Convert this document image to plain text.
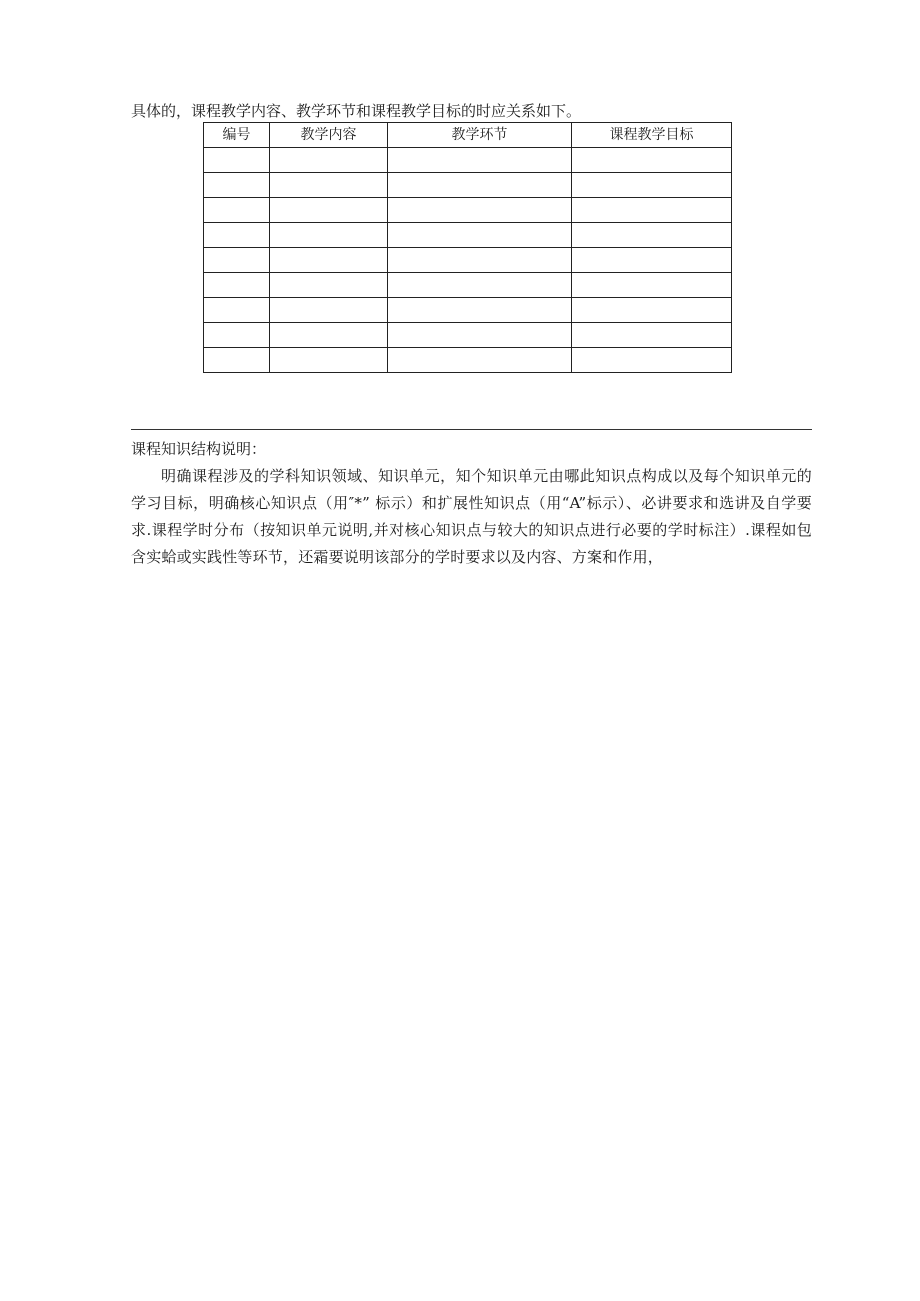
具体的，课程教学内容、教学环节和课程教学目标的时应关系如下。
编号	教学内容	教学环节	课程教学目标

课程知识结构说明：

明确课程涉及的学科知识领域、知识单元，知个知识单元由哪此知识点构成以及每个知识单元的学习目标，明确核心知识点（用″*” 标示）和扩展性知识点（用“A”标示）、必讲要求和选讲及自学要求.课程学时分布（按知识单元说明,并对核心知识点与较大的知识点进行必要的学时标注）.课程如包含实蛤或实践性等环节，还霜要说明该部分的学时要求以及内容、方案和作用，
